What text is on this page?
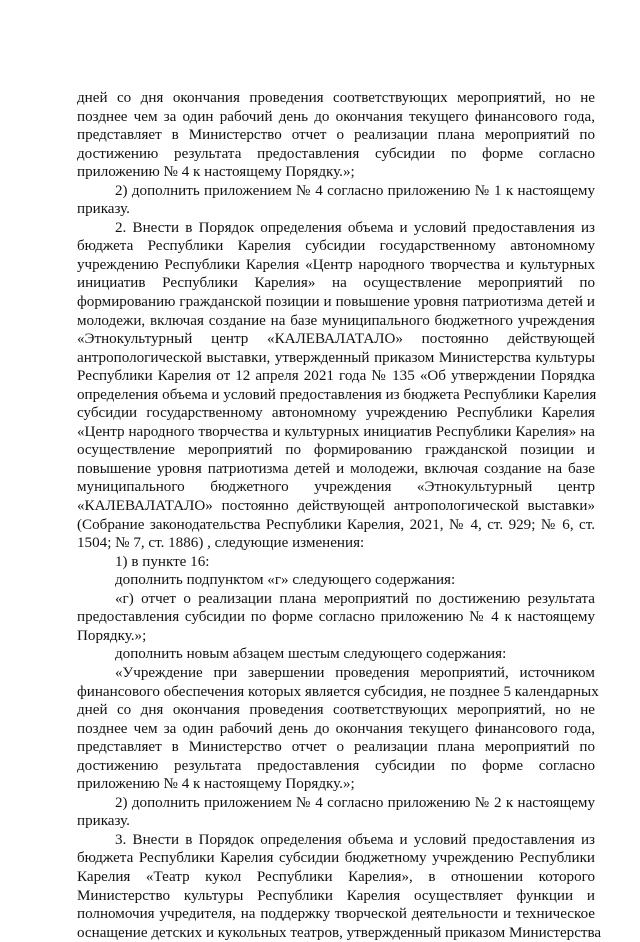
дней со дня окончания проведения соответствующих мероприятий, но не
позднее чем за один рабочий день до окончания текущего финансового года,
представляет в Министерство отчет о реализации плана мероприятий по
достижению результата предоставления субсидии по форме согласно
приложению № 4 к настоящему Порядку.»;
2) дополнить приложением № 4 согласно приложению № 1 к настоящему
приказу.
2. Внести в Порядок определения объема и условий предоставления из
бюджета Республики Карелия субсидии государственному автономному
учреждению Республики Карелия «Центр народного творчества и культурных
инициатив Республики Карелия» на осуществление мероприятий по
формированию гражданской позиции и повышение уровня патриотизма детей и
молодежи, включая создание на базе муниципального бюджетного учреждения
«Этнокультурный центр «КАЛЕВАЛАТАЛО» постоянно действующей
антропологической выставки, утвержденный приказом Министерства культуры
Республики Карелия от 12 апреля 2021 года № 135 «Об утверждении Порядка
определения объема и условий предоставления из бюджета Республики Карелия
субсидии государственному автономному учреждению Республики Карелия
«Центр народного творчества и культурных инициатив Республики Карелия» на
осуществление мероприятий по формированию гражданской позиции и
повышение уровня патриотизма детей и молодежи, включая создание на базе
муниципального бюджетного учреждения «Этнокультурный центр
«КАЛЕВАЛАТАЛО» постоянно действующей антропологической выставки»
(Собрание законодательства Республики Карелия, 2021, № 4, ст. 929; № 6, ст.
1504; № 7, ст. 1886) , следующие изменения:
1) в пункте 16:
дополнить подпунктом «г» следующего содержания:
«г) отчет о реализации плана мероприятий по достижению результата
предоставления субсидии по форме согласно приложению № 4 к настоящему
Порядку.»;
дополнить новым абзацем шестым следующего содержания:
«Учреждение при завершении проведения мероприятий, источником
финансового обеспечения которых является субсидия, не позднее 5 календарных
дней со дня окончания проведения соответствующих мероприятий, но не
позднее чем за один рабочий день до окончания текущего финансового года,
представляет в Министерство отчет о реализации плана мероприятий по
достижению результата предоставления субсидии по форме согласно
приложению № 4 к настоящему Порядку.»;
2) дополнить приложением № 4 согласно приложению № 2 к настоящему
приказу.
3. Внести в Порядок определения объема и условий предоставления из
бюджета Республики Карелия субсидии бюджетному учреждению Республики
Карелия «Театр кукол Республики Карелия», в отношении которого
Министерство культуры Республики Карелия осуществляет функции и
полномочия учредителя, на поддержку творческой деятельности и техническое
оснащение детских и кукольных театров, утвержденный приказом Министерства
